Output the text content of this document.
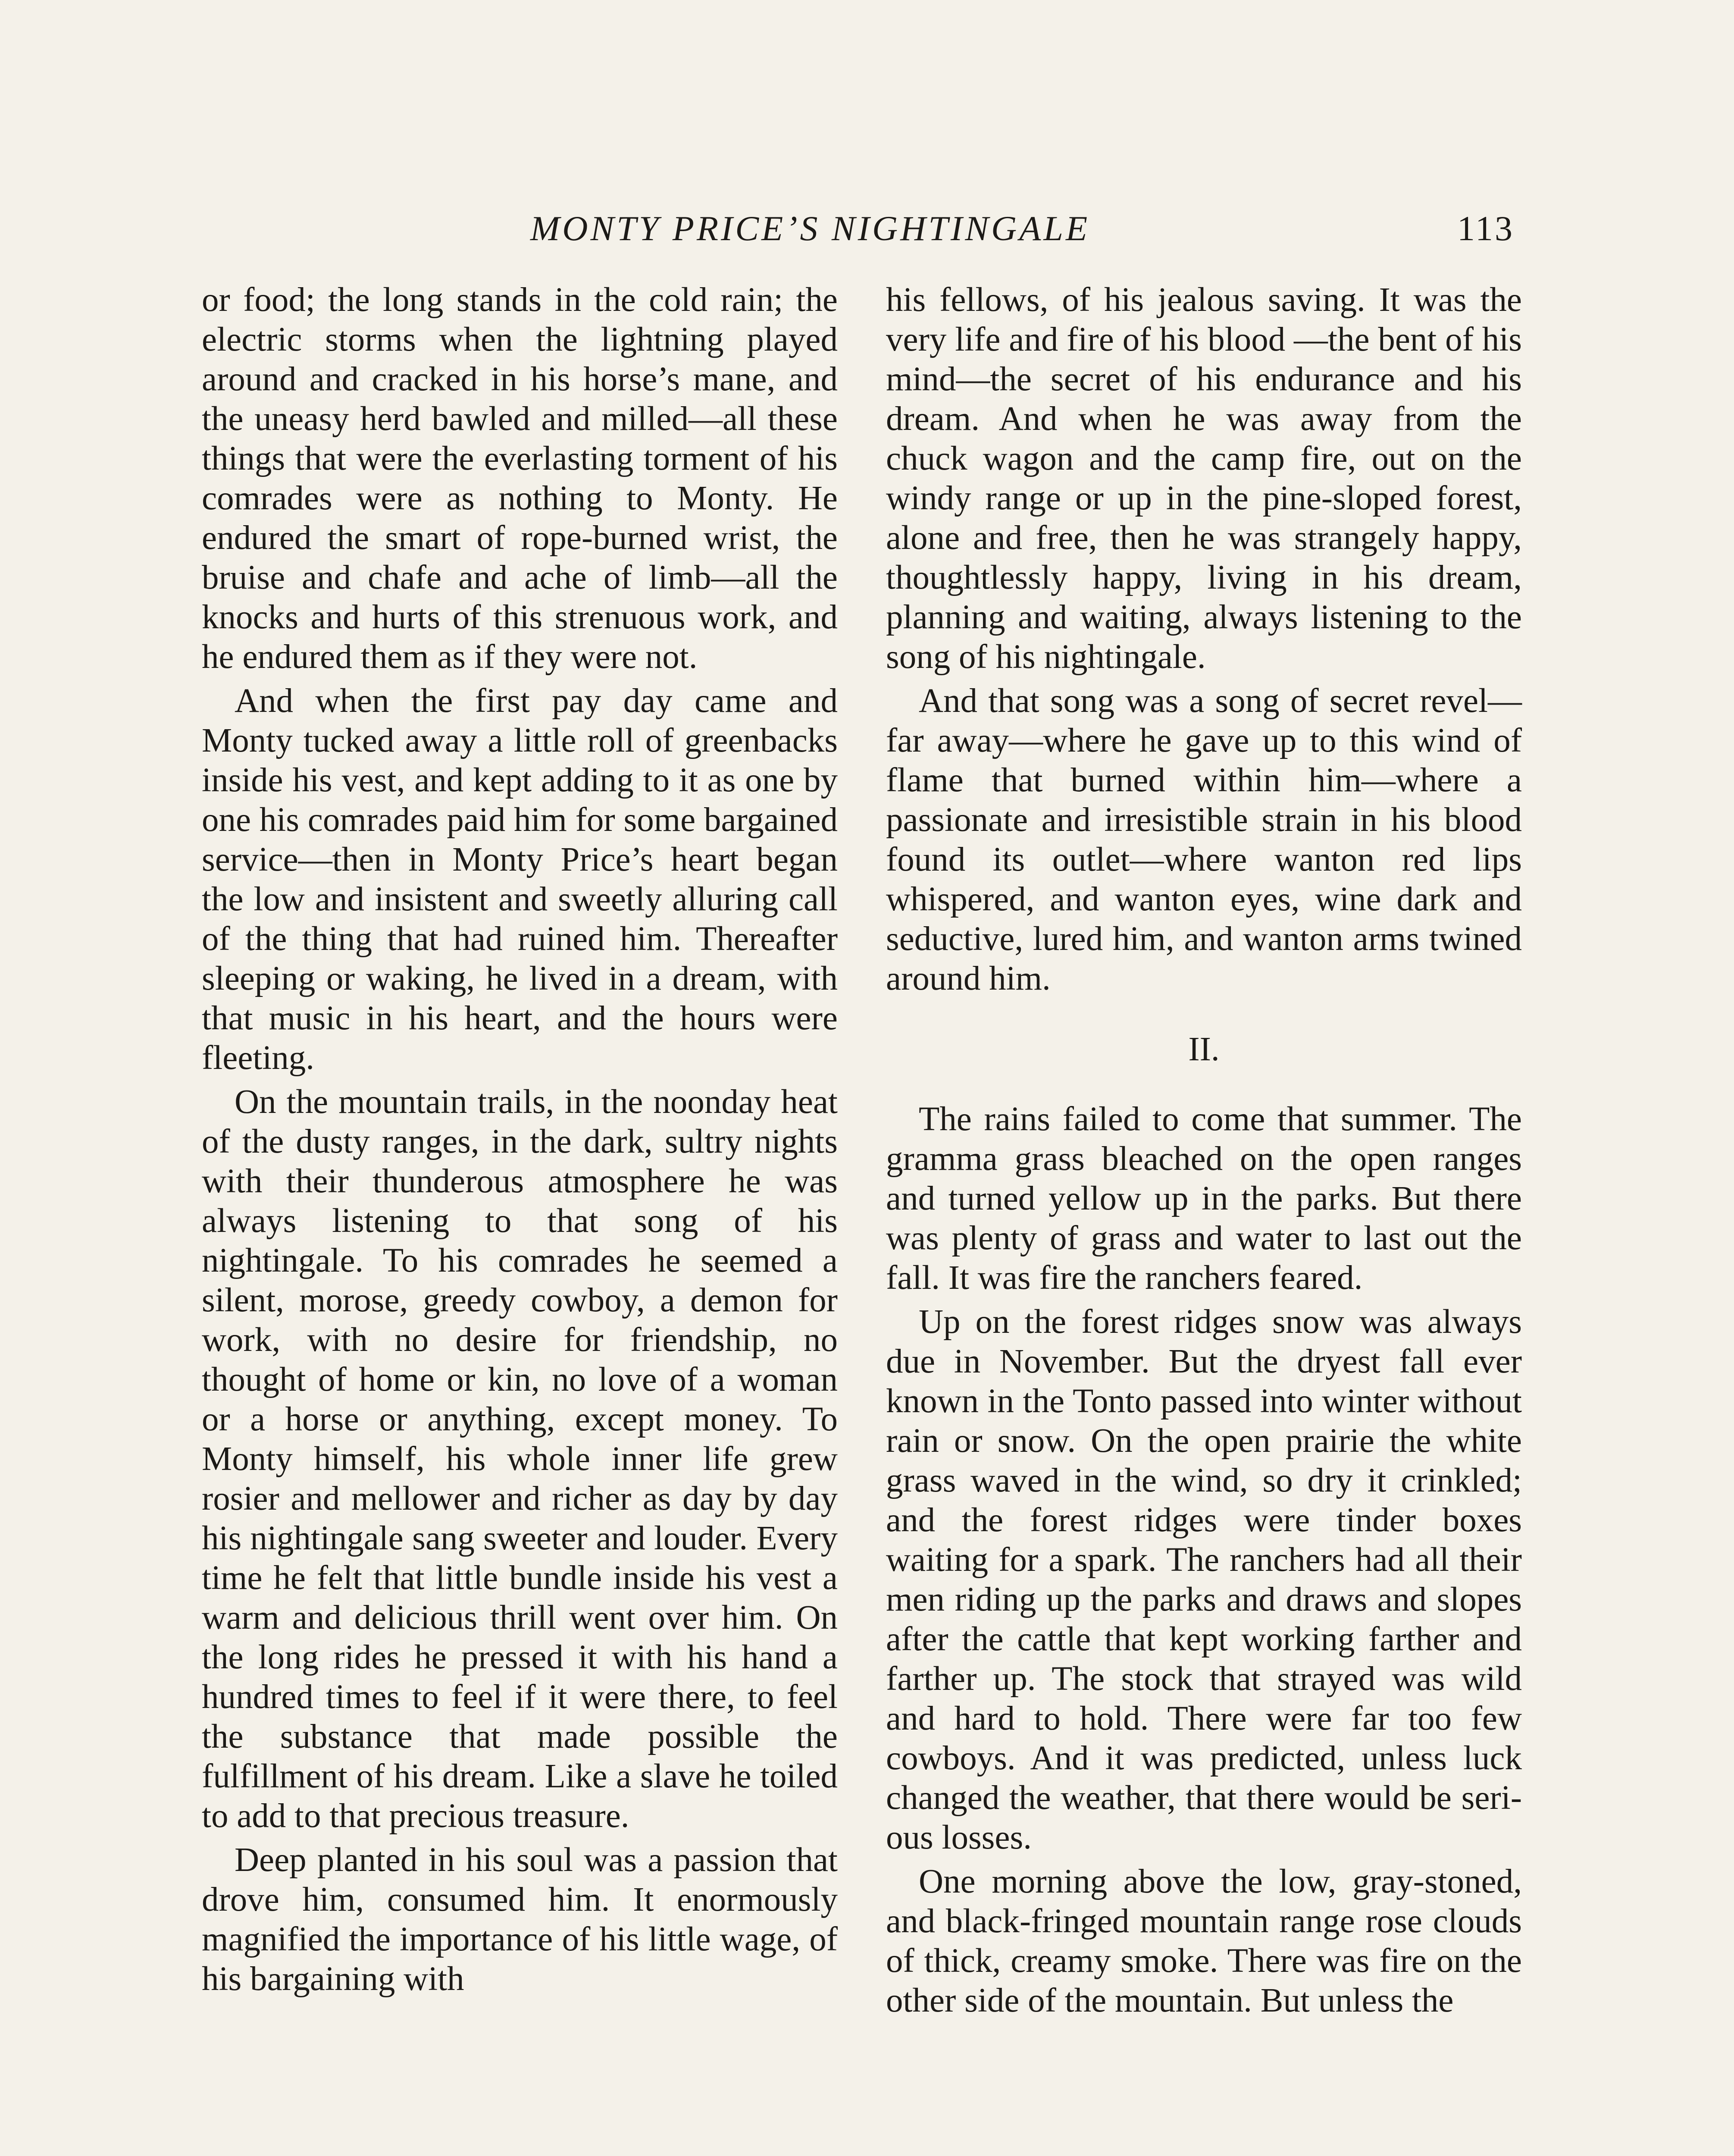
MONTY PRICE’S NIGHTINGALE	113

or food; the long stands in the cold rain; the electric storms when the lightning played around and cracked in his horse’s mane, and the uneasy herd bawled and milled—all these things that were the everlasting torment of his comrades were as nothing to Monty. He endured the smart of rope-burned wrist, the bruise and chafe and ache of limb—all the knocks and hurts of this strenuous work, and he endured them as if they were not.

And when the first pay day came and Monty tucked away a little roll of greenbacks inside his vest, and kept adding to it as one by one his comrades paid him for some bargained service—then in Monty Price’s heart began the low and insistent and sweetly alluring call of the thing that had ruined him. Thereafter sleeping or waking, he lived in a dream, with that music in his heart, and the hours were fleeting.

On the mountain trails, in the noonday heat of the dusty ranges, in the dark, sultry nights with their thunderous atmosphere he was always listening to that song of his nightingale. To his comrades he seemed a silent, morose, greedy cowboy, a demon for work, with no desire for friendship, no thought of home or kin, no love of a woman or a horse or anything, except money. To Monty himself, his whole inner life grew rosier and mellower and richer as day by day his nightingale sang sweeter and louder. Every time he felt that little bundle inside his vest a warm and delicious thrill went over him. On the long rides he pressed it with his hand a hundred times to feel if it were there, to feel the substance that made possible the fulfillment of his dream. Like a slave he toiled to add to that precious treasure.

Deep planted in his soul was a passion that drove him, consumed him. It enormously magnified the importance of his little wage, of his bargaining with

his fellows, of his jealous saving. It was the very life and fire of his blood —the bent of his mind—the secret of his endurance and his dream. And when he was away from the chuck wagon and the camp fire, out on the windy range or up in the pine-sloped forest, alone and free, then he was strangely happy, thoughtlessly happy, living in his dream, planning and waiting, always listening to the song of his nightingale.

And that song was a song of secret revel—far away—where he gave up to this wind of flame that burned within him—where a passionate and irresistible strain in his blood found its outlet—where wanton red lips whispered, and wanton eyes, wine dark and seductive, lured him, and wanton arms twined around him.

II.

The rains failed to come that summer. The gramma grass bleached on the open ranges and turned yellow up in the parks. But there was plenty of grass and water to last out the fall. It was fire the ranchers feared.

Up on the forest ridges snow was always due in November. But the dryest fall ever known in the Tonto passed into winter without rain or snow. On the open prairie the white grass waved in the wind, so dry it crinkled; and the forest ridges were tinder boxes waiting for a spark. The ranchers had all their men riding up the parks and draws and slopes after the cattle that kept working farther and farther up. The stock that strayed was wild and hard to hold. There were far too few cowboys. And it was predicted, unless luck changed the weather, that there would be serious losses.

One morning above the low, gray-stoned, and black-fringed mountain range rose clouds of thick, creamy smoke. There was fire on the other side of the mountain. But unless the
